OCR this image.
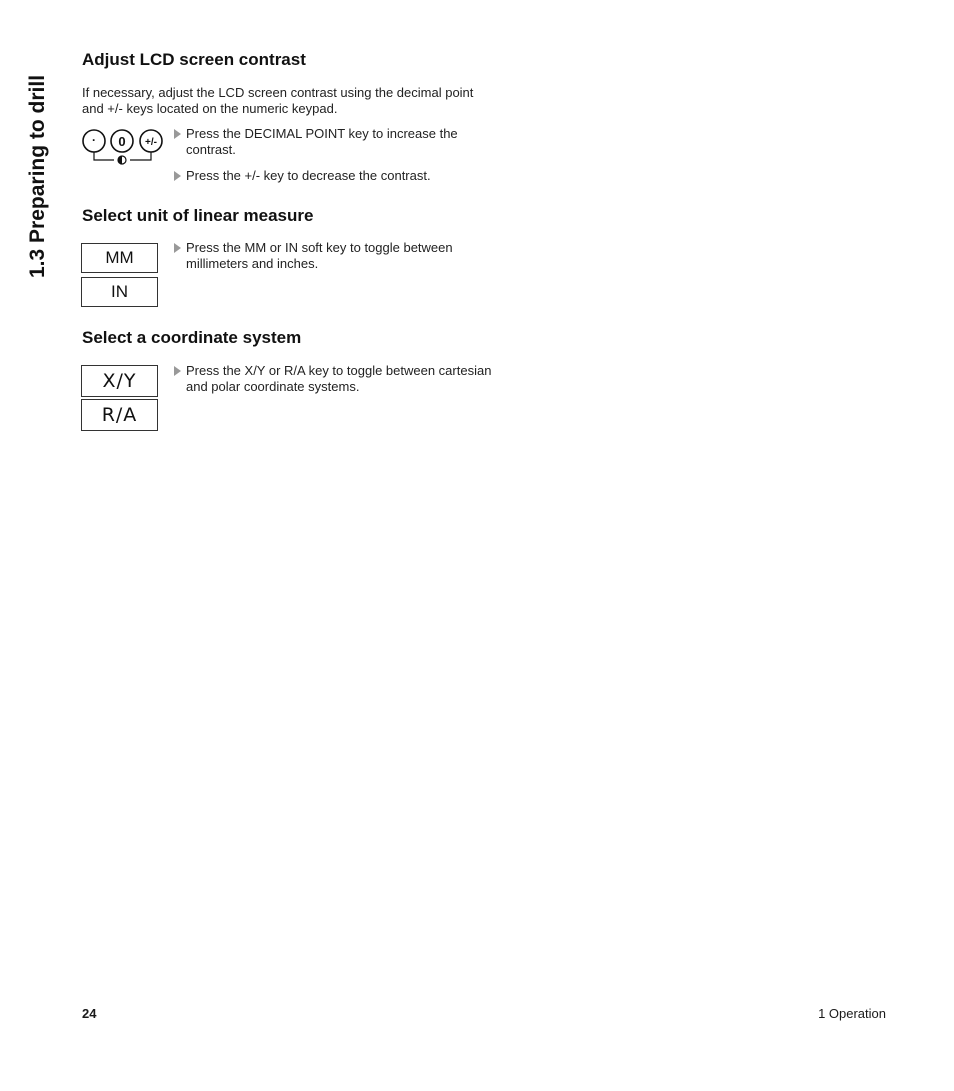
1.3 Preparing to drill
Adjust LCD screen contrast

If necessary, adjust the LCD screen contrast using the decimal point

and +/- keys located on the numeric keypad.

· 0 +/-
Press the DECIMAL POINT key to increase the
contrast.
Press the +/- key to decrease the contrast.
Select unit of linear measure
MM
IN
Press the MM or IN soft key to toggle between
millimeters and inches.
Select a coordinate system
X/Y
R/A
Press the X/Y or R/A key to toggle between cartesian
and polar coordinate systems.
24	1 Operation
